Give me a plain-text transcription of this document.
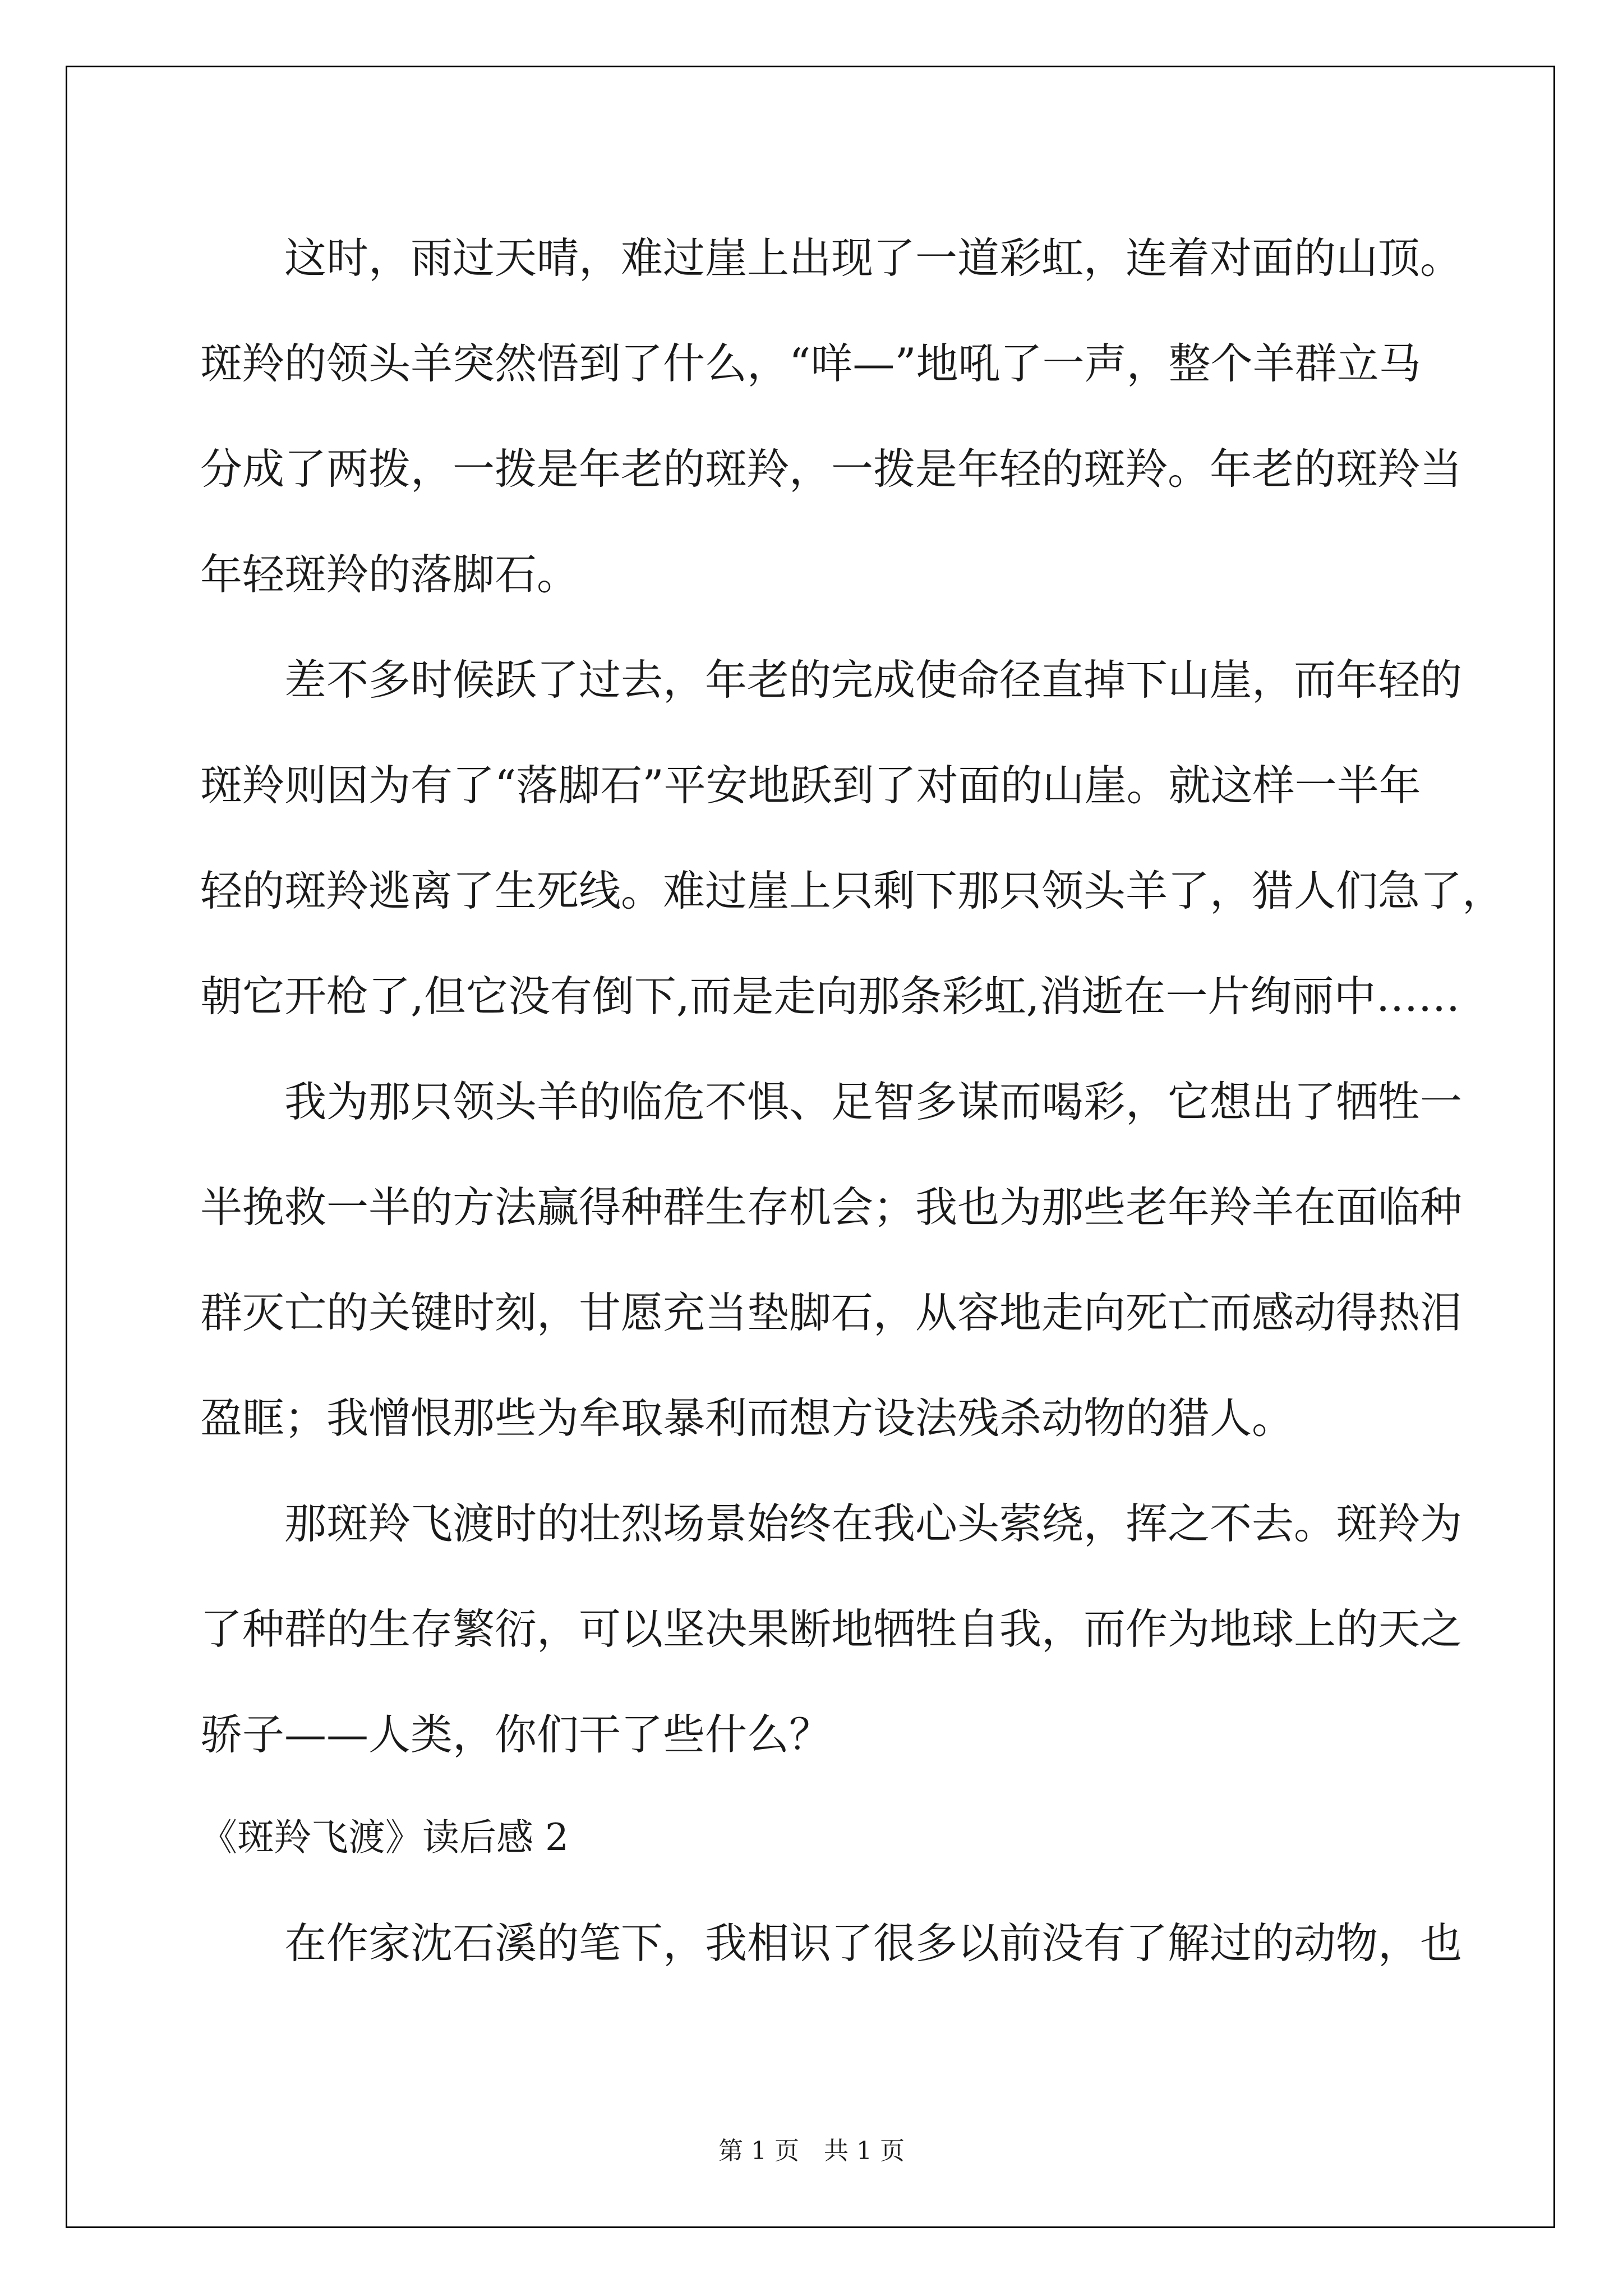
　　这时，雨过天晴，难过崖上出现了一道彩虹，连着对面的山顶。
斑羚的领头羊突然悟到了什么，“咩—”地吼了一声，整个羊群立马
分成了两拨，一拨是年老的斑羚，一拨是年轻的斑羚。年老的斑羚当
年轻斑羚的落脚石。
　　差不多时候跃了过去，年老的完成使命径直掉下山崖，而年轻的
斑羚则因为有了“落脚石”平安地跃到了对面的山崖。就这样一半年
轻的斑羚逃离了生死线。难过崖上只剩下那只领头羊了，猎人们急了，
朝它开枪了,但它没有倒下,而是走向那条彩虹,消逝在一片绚丽中……
　　我为那只领头羊的临危不惧、足智多谋而喝彩，它想出了牺牲一
半挽救一半的方法赢得种群生存机会；我也为那些老年羚羊在面临种
群灭亡的关键时刻，甘愿充当垫脚石，从容地走向死亡而感动得热泪
盈眶；我憎恨那些为牟取暴利而想方设法残杀动物的猎人。
　　那斑羚飞渡时的壮烈场景始终在我心头萦绕，挥之不去。斑羚为
了种群的生存繁衍，可以坚决果断地牺牲自我，而作为地球上的天之
骄子——人类，你们干了些什么？
《斑羚飞渡》读后感 2
　　在作家沈石溪的笔下，我相识了很多以前没有了解过的动物，也
第 1 页　共 1 页
